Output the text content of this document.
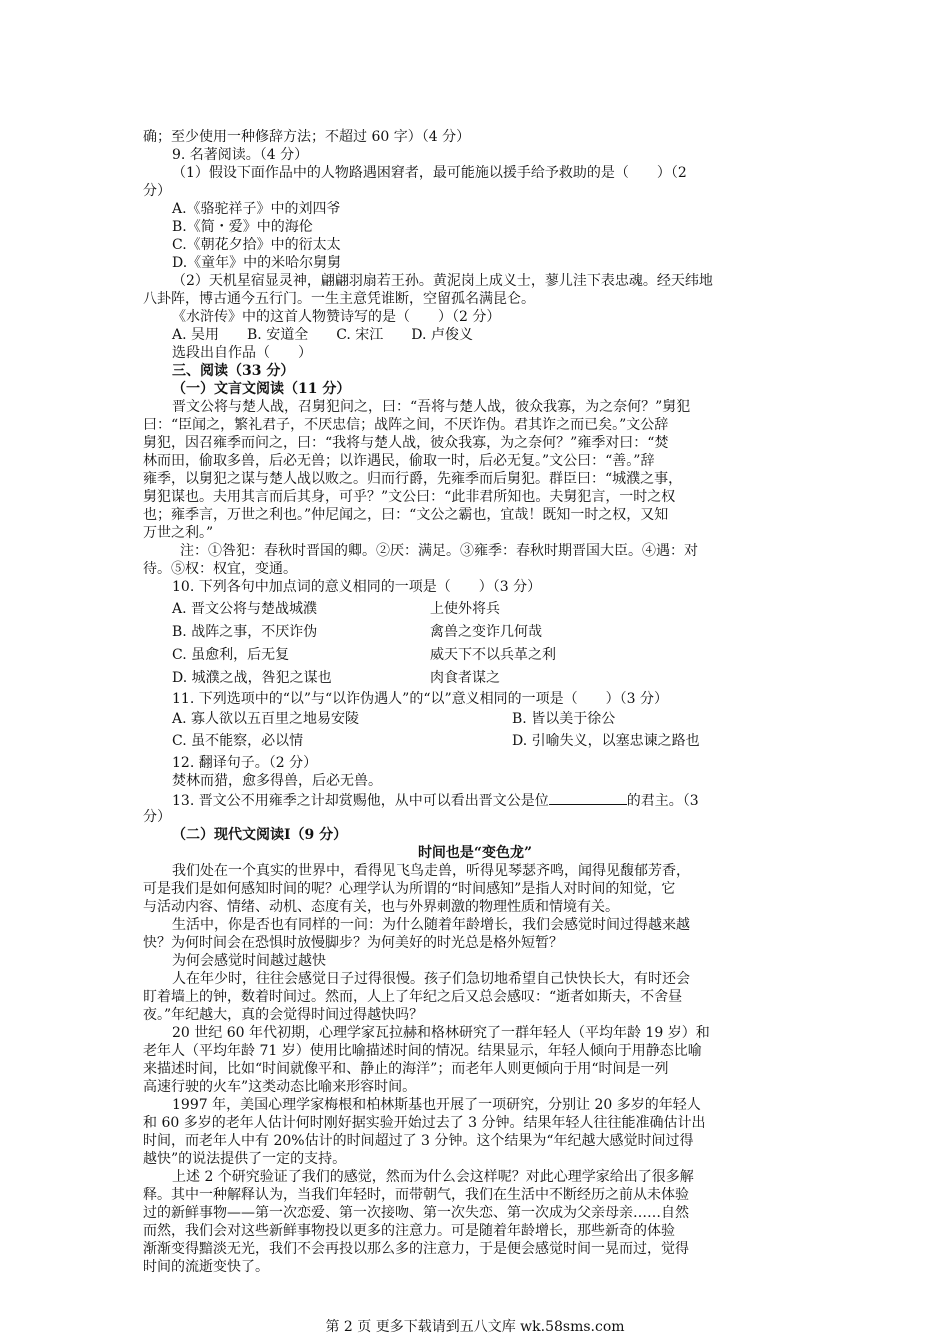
确；至少使用一种修辞方法；不超过 60 字）（4 分）
9. 名著阅读。（4 分）
（1）假设下面作品中的人物路遇困窘者，最可能施以援手给予救助的是（　　）（2
分）
A.《骆驼祥子》中的刘四爷
B.《简・爱》中的海伦
C.《朝花夕拾》中的衍太太
D.《童年》中的米哈尔舅舅
（2）天机星宿显灵神，翩翩羽扇若王孙。黄泥岗上成义士，蓼儿洼下表忠魂。经天纬地
八卦阵，博古通今五行门。一生主意凭谁断，空留孤名满昆仑。
《水浒传》中的这首人物赞诗写的是（　　）（2 分）
A. 吴用　　B. 安道全　　C. 宋江　　D. 卢俊义
选段出自作品（　　）
三、阅读（33 分）
（一）文言文阅读（11 分）
晋文公将与楚人战，召舅犯问之，曰：“吾将与楚人战，彼众我寡，为之奈何？”舅犯
曰：“臣闻之，繁礼君子，不厌忠信；战阵之间，不厌诈伪。君其诈之而已矣。”文公辞
舅犯，因召雍季而问之，曰：“我将与楚人战，彼众我寡，为之奈何？”雍季对曰：“焚
林而田，偷取多兽，后必无兽；以诈遇民，偷取一时，后必无复。”文公曰：“善。”辞
雍季，以舅犯之谋与楚人战以败之。归而行爵，先雍季而后舅犯。群臣曰：“城濮之事，
舅犯谋也。夫用其言而后其身，可乎？”文公曰：“此非君所知也。夫舅犯言，一时之权
也；雍季言，万世之利也。”仲尼闻之，曰：“文公之霸也，宜哉！既知一时之权，又知
万世之利。”
注：①咎犯：春秋时晋国的卿。②厌：满足。③雍季：春秋时期晋国大臣。④遇：对
待。⑤权：权宜，变通。
10. 下列各句中加点词的意义相同的一项是（　　）（3 分）
A. 晋文公将与楚战城濮	上使外将兵
B. 战阵之事，不厌诈伪	禽兽之变诈几何哉
C. 虽愈利，后无复	威天下不以兵革之利
D. 城濮之战，咎犯之谋也	肉食者谋之
11. 下列选项中的“以”与“以诈伪遇人”的“以”意义相同的一项是（　　）（3 分）
A. 寡人欲以五百里之地易安陵	B. 皆以美于徐公
C. 虽不能察，必以情	D. 引喻失义，以塞忠谏之路也
12. 翻译句子。（2 分）
焚林而猎，愈多得兽，后必无兽。
13. 晋文公不用雍季之计却赏赐他，从中可以看出晋文公是位	的君主。（3
分）
（二）现代文阅读Ⅰ（9 分）
时间也是“变色龙”
我们处在一个真实的世界中，看得见飞鸟走兽，听得见琴瑟齐鸣，闻得见馥郁芳香，
可是我们是如何感知时间的呢？心理学认为所谓的“时间感知”是指人对时间的知觉，它
与活动内容、情绪、动机、态度有关，也与外界刺激的物理性质和情境有关。
生活中，你是否也有同样的一问：为什么随着年龄增长，我们会感觉时间过得越来越
快？为何时间会在恐惧时放慢脚步？为何美好的时光总是格外短暂？
为何会感觉时间越过越快
人在年少时，往往会感觉日子过得很慢。孩子们急切地希望自己快快长大，有时还会
盯着墙上的钟，数着时间过。然而，人上了年纪之后又总会感叹：“逝者如斯夫，不舍昼
夜。”年纪越大，真的会觉得时间过得越快吗？
20 世纪 60 年代初期，心理学家瓦拉赫和格林研究了一群年轻人（平均年龄 19 岁）和
老年人（平均年龄 71 岁）使用比喻描述时间的情况。结果显示，年轻人倾向于用静态比喻
来描述时间，比如“时间就像平和、静止的海洋”；而老年人则更倾向于用“时间是一列
高速行驶的火车”这类动态比喻来形容时间。
1997 年，美国心理学家梅根和柏林斯基也开展了一项研究，分别让 20 多岁的年轻人
和 60 多岁的老年人估计何时刚好据实验开始过去了 3 分钟。结果年轻人往往能准确估计出
时间，而老年人中有 20%估计的时间超过了 3 分钟。这个结果为“年纪越大感觉时间过得
越快”的说法提供了一定的支持。
上述 2 个研究验证了我们的感觉，然而为什么会这样呢？对此心理学家给出了很多解
释。其中一种解释认为，当我们年轻时，而带朝气，我们在生活中不断经历之前从未体验
过的新鲜事物——第一次恋爱、第一次接吻、第一次失恋、第一次成为父亲母亲……自然
而然，我们会对这些新鲜事物投以更多的注意力。可是随着年龄增长，那些新奇的体验
渐渐变得黯淡无光，我们不会再投以那么多的注意力，于是便会感觉时间一晃而过，觉得
时间的流逝变快了。
第 2 页 更多下载请到五八文库 wk.58sms.com
